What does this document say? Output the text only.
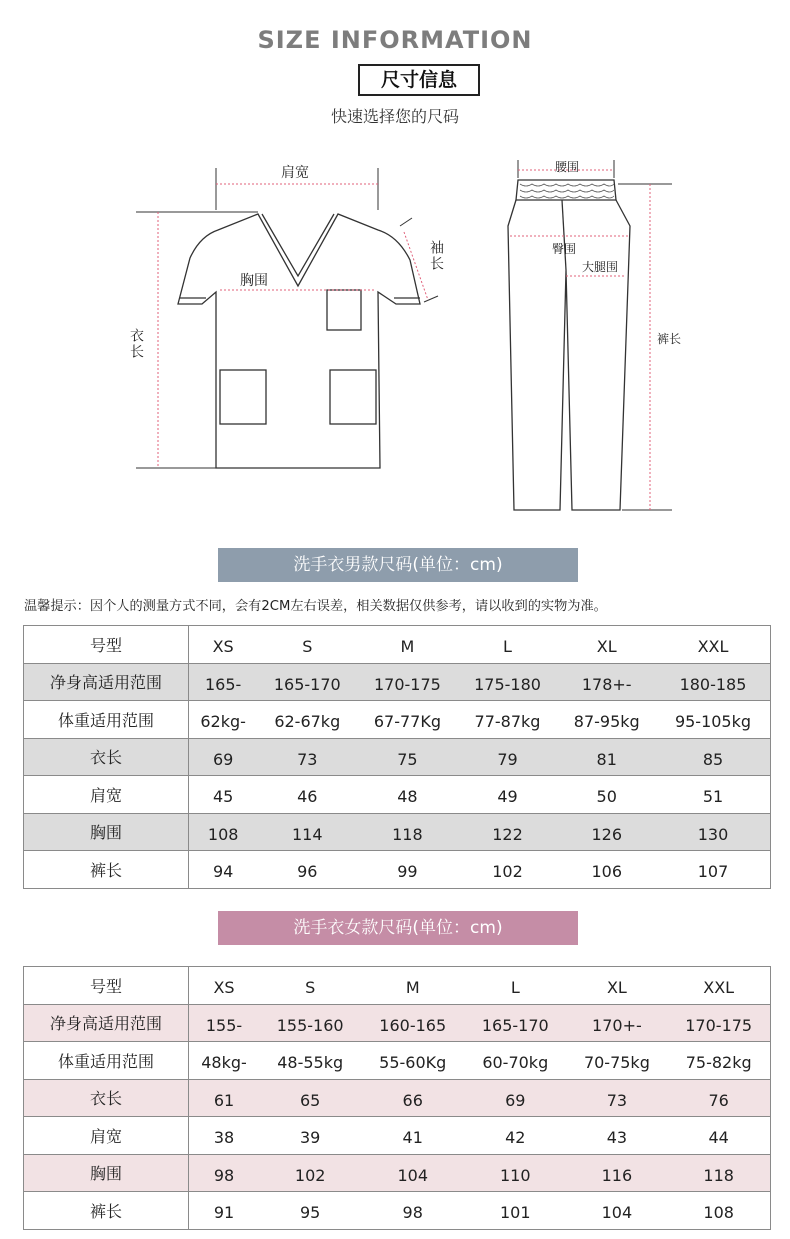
SIZE INFORMATION
尺寸信息
快速选择您的尺码
肩宽
胸围
袖长
衣长
腰围
臀围
大腿围
裤长
洗手衣男款尺码(单位：cm)
温馨提示：因个人的测量方式不同，会有2CM左右误差，相关数据仅供参考，请以收到的实物为准。
号型	XS	S	M	L	XL	XXL
净身高适用范围	165-	165-170	170-175	175-180	178+-	180-185
体重适用范围	62kg-	62-67kg	67-77Kg	77-87kg	87-95kg	95-105kg
衣长	69	73	75	79	81	85
肩宽	45	46	48	49	50	51
胸围	108	114	118	122	126	130
裤长	94	96	99	102	106	107
洗手衣女款尺码(单位：cm)
号型	XS	S	M	L	XL	XXL
净身高适用范围	155-	155-160	160-165	165-170	170+-	170-175
体重适用范围	48kg-	48-55kg	55-60Kg	60-70kg	70-75kg	75-82kg
衣长	61	65	66	69	73	76
肩宽	38	39	41	42	43	44
胸围	98	102	104	110	116	118
裤长	91	95	98	101	104	108
